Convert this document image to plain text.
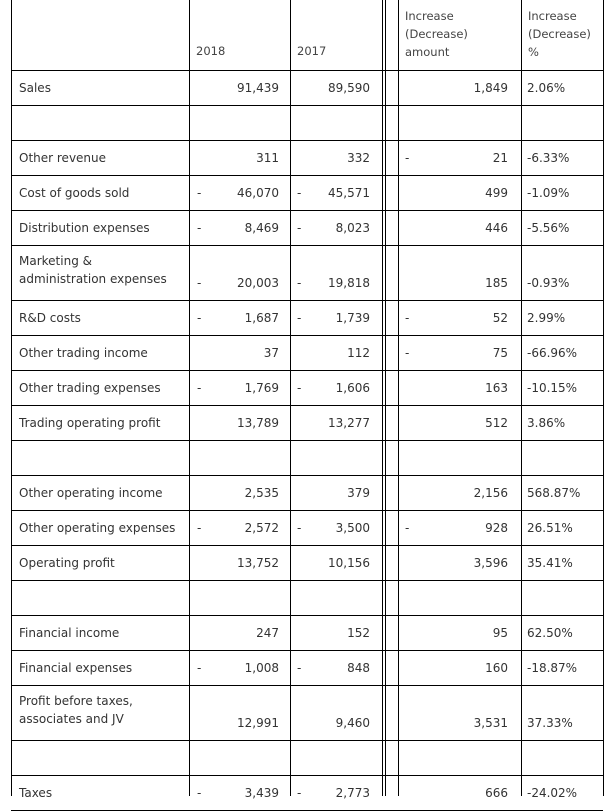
2018	2017
Increase
(Decrease)
amount
Increase
(Decrease)
%
Sales	91,439	89,590	1,849 2.06%
Other revenue	311	332	-	21 -6.33%
Cost of goods sold	-	46,070 - 45,571	499 -1.09%
Distribution expenses	-	8,469 -	8,023	446 -5.56%
Marketing &
administration expenses	-	20,003 - 19,818	185 -0.93%
R&D costs	-	1,687 -	1,739	-	52 2.99%
Other trading income	37	112	-	75 -66.96%
Other trading expenses	-	1,769 -	1,606	163 -10.15%
Trading operating profit	13,789	13,277	512 3.86%
Other operating income	2,535	379	2,156 568.87%
Other operating expenses -	2,572 -	3,500	-	928 26.51%
Operating profit	13,752	10,156	3,596 35.41%
Financial income	247	152	95 62.50%
Financial expenses	-	1,008 -	848	160 -18.87%
Profit before taxes,
associates and JV	12,991	9,460	3,531 37.33%
Taxes	-	3,439 -	2,773	666 -24.02%
